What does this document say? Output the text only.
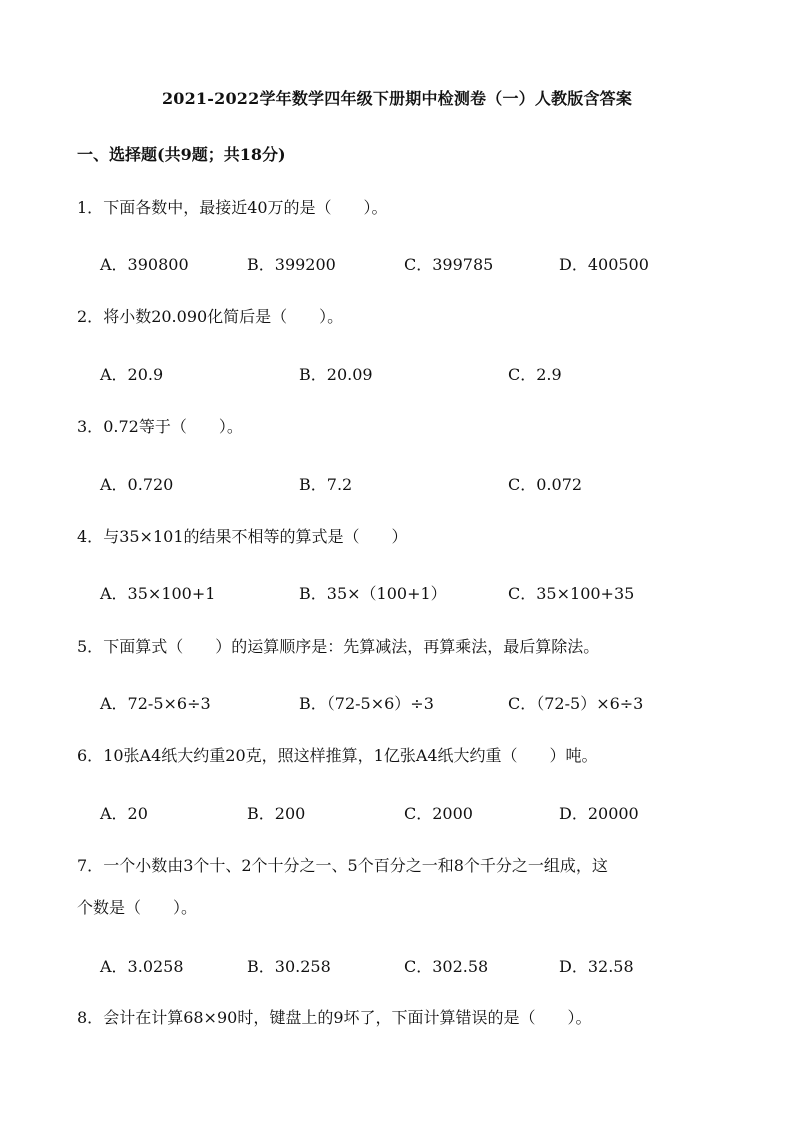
2021-2022学年数学四年级下册期中检测卷（一）人教版含答案
一、选择题(共9题；共18分)
1．下面各数中，最接近40万的是（　　）。
A．390800	B．399200	C．399785	D．400500
2．将小数20.090化简后是（　　）。
A．20.9	B．20.09	C．2.9
3．0.72等于（　　）。
A．0.720	B．7.2	C．0.072
4．与35×101的结果不相等的算式是（　　）
A．35×100+1	B．35×（100+1）	C．35×100+35
5．下面算式（　　）的运算顺序是：先算减法，再算乘法，最后算除法。
A．72-5×6÷3	B．（72-5×6）÷3	C．（72-5）×6÷3
6．10张A4纸大约重20克，照这样推算，1亿张A4纸大约重（　　）吨。
A．20	B．200	C．2000	D．20000
7．一个小数由3个十、2个十分之一、5个百分之一和8个千分之一组成，这
个数是（　　）。
A．3.0258	B．30.258	C．302.58	D．32.58
8．会计在计算68×90时，键盘上的9坏了，下面计算错误的是（　　）。
